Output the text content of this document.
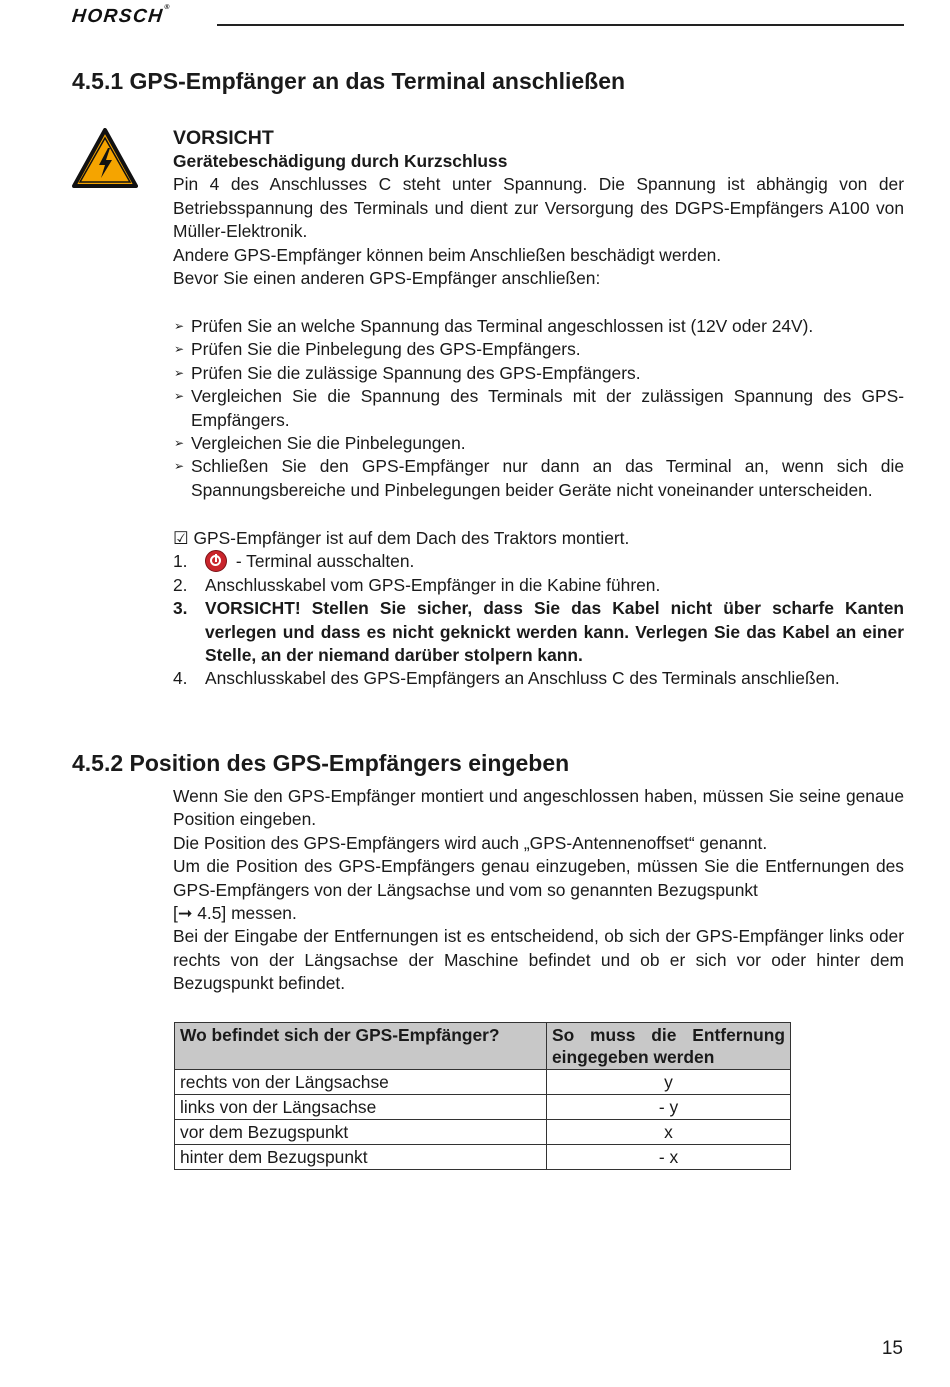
HORSCH®
4.5.1 GPS-Empfänger an das Terminal anschließen

VORSICHT

Gerätebeschädigung durch Kurzschluss

Pin 4 des Anschlusses C steht unter Spannung. Die Spannung ist abhängig von der Betriebsspannung des Terminals und dient zur Versorgung des DGPS-Empfängers A100 von Müller-Elektronik.

Andere GPS-Empfänger können beim Anschließen beschädigt werden.

Bevor Sie einen anderen GPS-Empfänger anschließen:

➢ Prüfen Sie an welche Spannung das Terminal angeschlossen ist (12V oder 24V).
➢ Prüfen Sie die Pinbelegung des GPS-Empfängers.
➢ Prüfen Sie die zulässige Spannung des GPS-Empfängers.
➢ Vergleichen Sie die Spannung des Terminals mit der zulässigen Spannung des GPS-Empfängers.
➢ Vergleichen Sie die Pinbelegungen.
➢ Schließen Sie den GPS-Empfänger nur dann an das Terminal an, wenn sich die Spannungsbereiche und Pinbelegungen beider Geräte nicht voneinander unterscheiden.

☑ GPS-Empfänger ist auf dem Dach des Traktors montiert.

1.	- Terminal ausschalten.
2. Anschlusskabel vom GPS-Empfänger in die Kabine führen.
3. VORSICHT! Stellen Sie sicher, dass Sie das Kabel nicht über scharfe Kanten verlegen und dass es nicht geknickt werden kann. Verlegen Sie das Kabel an einer Stelle, an der niemand darüber stolpern kann.
4. Anschlusskabel des GPS-Empfängers an Anschluss C des Terminals anschließen.
4.5.2 Position des GPS-Empfängers eingeben

Wenn Sie den GPS-Empfänger montiert und angeschlossen haben, müssen Sie seine genaue Position eingeben.

Die Position des GPS-Empfängers wird auch „GPS-Antennenoffset“ genannt.

Um die Position des GPS-Empfängers genau einzugeben, müssen Sie die Entfernungen des GPS-Empfängers von der Längsachse und vom so genannten Bezugspunkt

[➞ 4.5] messen.

Bei der Eingabe der Entfernungen ist es entscheidend, ob sich der GPS-Empfänger links oder rechts von der Längsachse der Maschine befindet und ob er sich vor oder hinter dem Bezugspunkt befindet.

Wo befindet sich der GPS-Empfänger?	So muss die Entfernung eingegeben werden
rechts von der Längsachse	y
links von der Längsachse	- y
vor dem Bezugspunkt	x
hinter dem Bezugspunkt	- x
15
